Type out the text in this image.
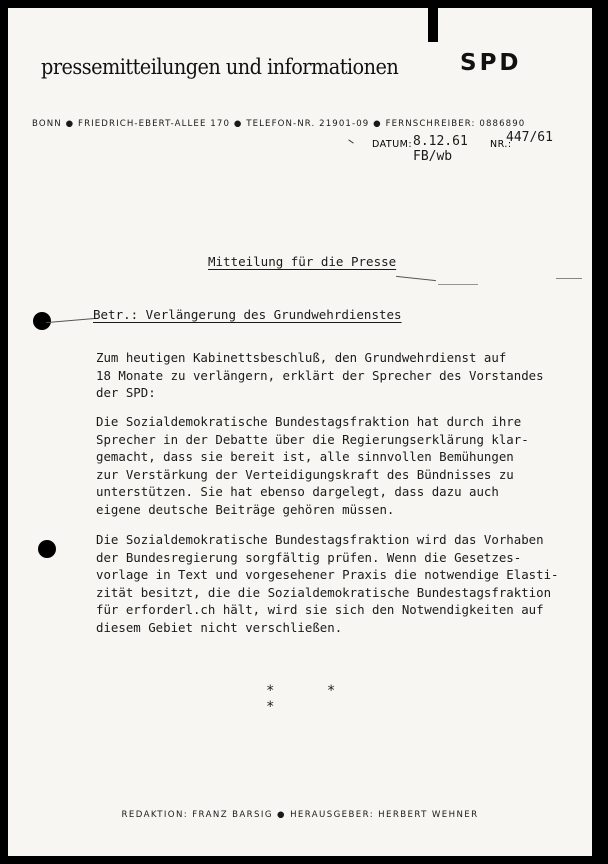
pressemitteilungen und informationen	SPD
BONN ● FRIEDRICH-EBERT-ALLEE 170 ● TELEFON-NR. 21901-09 ● FERNSCHREIBER: 0886890
DATUM: 8.12.61 NR.:
447/61
FB/wb
Mitteilung für die Presse
Betr.: Verlängerung des Grundwehrdienstes

Zum heutigen Kabinettsbeschluß, den Grundwehrdienst auf
18 Monate zu verlängern, erklärt der Sprecher des Vorstandes
der SPD:

Die Sozialdemokratische Bundestagsfraktion hat durch ihre
Sprecher in der Debatte über die Regierungserklärung klar-
gemacht, dass sie bereit ist, alle sinnvollen Bemühungen
zur Verstärkung der Verteidigungskraft des Bündnisses zu
unterstützen. Sie hat ebenso dargelegt, dass dazu auch
eigene deutsche Beiträge gehören müssen.

Die Sozialdemokratische Bundestagsfraktion wird das Vorhaben
der Bundesregierung sorgfältig prüfen. Wenn die Gesetzes-
vorlage in Text und vorgesehener Praxis die notwendige Elasti-
zität besitzt, die die Sozialdemokratische Bundestagsfraktion
für erforderl.ch hält, wird sie sich den Notwendigkeiten auf
diesem Gebiet nicht verschließen.

* * *
REDAKTION: FRANZ BARSIG ● HERAUSGEBER: HERBERT WEHNER
